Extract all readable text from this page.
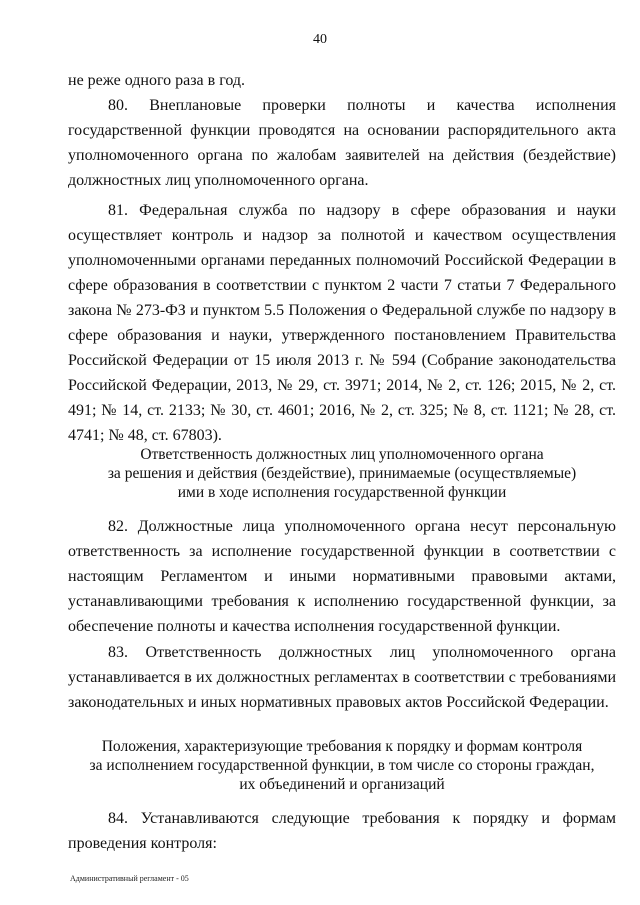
40

не реже одного раза в год.

80. Внеплановые проверки полноты и качества исполнения государственной функции проводятся на основании распорядительного акта уполномоченного органа по жалобам заявителей на действия (бездействие) должностных лиц уполномоченного органа.

81. Федеральная служба по надзору в сфере образования и науки осуществляет контроль и надзор за полнотой и качеством осуществления уполномоченными органами переданных полномочий Российской Федерации в сфере образования в соответствии с пунктом 2 части 7 статьи 7 Федерального закона № 273-ФЗ и пунктом 5.5 Положения о Федеральной службе по надзору в сфере образования и науки, утвержденного постановлением Правительства Российской Федерации от 15 июля 2013 г. № 594 (Собрание законодательства Российской Федерации, 2013, № 29, ст. 3971; 2014, № 2, ст. 126; 2015, № 2, ст. 491; № 14, ст. 2133; № 30, ст. 4601; 2016, № 2, ст. 325; № 8, ст. 1121; № 28, ст. 4741; № 48, ст. 67803).

Ответственность должностных лиц уполномоченного органа
за решения и действия (бездействие), принимаемые (осуществляемые)
ими в ходе исполнения государственной функции

82. Должностные лица уполномоченного органа несут персональную ответственность за исполнение государственной функции в соответствии с настоящим Регламентом и иными нормативными правовыми актами, устанавливающими требования к исполнению государственной функции, за обеспечение полноты и качества исполнения государственной функции.

83. Ответственность должностных лиц уполномоченного органа устанавливается в их должностных регламентах в соответствии с требованиями законодательных и иных нормативных правовых актов Российской Федерации.

Положения, характеризующие требования к порядку и формам контроля
за исполнением государственной функции, в том числе со стороны граждан,
их объединений и организаций

84. Устанавливаются следующие требования к порядку и формам проведения контроля:

Административный регламент - 05
